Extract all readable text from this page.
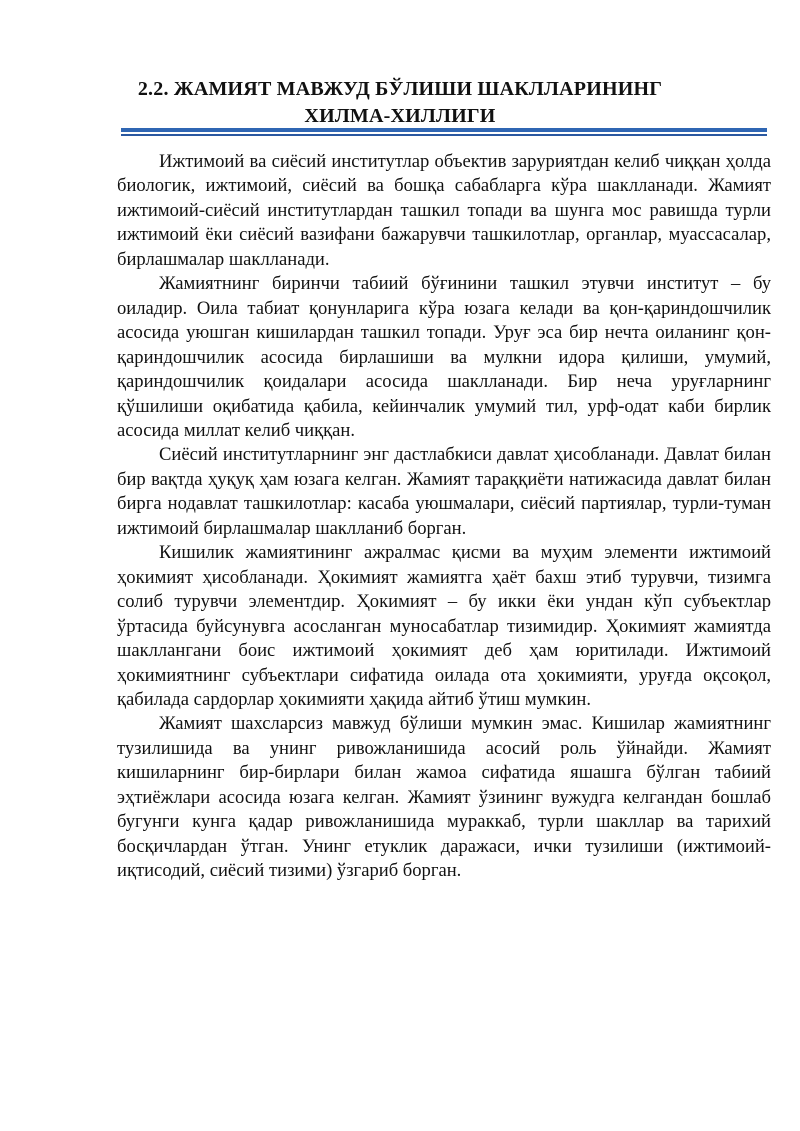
2.2. ЖАМИЯТ МАВЖУД БЎЛИШИ ШАКЛЛАРИНИНГ
ХИЛМА-ХИЛЛИГИ

Ижтимоий ва сиёсий институтлар объектив заруриятдан келиб чиққан ҳолда биологик, ижтимоий, сиёсий ва бошқа сабабларга кўра шаклланади. Жамият ижтимоий-сиёсий институтлардан ташкил топади ва шунга мос равишда турли ижтимоий ёки сиёсий вазифани бажарувчи ташкилотлар, органлар, муассасалар, бирлашмалар шаклланади.

Жамиятнинг биринчи табиий бўғинини ташкил этувчи институт – бу оиладир. Оила табиат қонунларига кўра юзага келади ва қон-қариндошчилик асосида уюшган кишилардан ташкил топади. Уруғ эса бир нечта оиланинг қон-қариндошчилик асосида бирлашиши ва мулкни идора қилиши, умумий, қариндошчилик қоидалари асосида шаклланади. Бир неча уруғларнинг қўшилиши оқибатида қабила, кейинчалик умумий тил, урф-одат каби бирлик асосида миллат келиб чиққан.

Сиёсий институтларнинг энг дастлабкиси давлат ҳисобланади. Давлат билан бир вақтда ҳуқуқ ҳам юзага келган. Жамият тараққиёти натижасида давлат билан бирга нодавлат ташкилотлар: касаба уюшмалари, сиёсий партиялар, турли-туман ижтимоий бирлашмалар шаклланиб борган.

Кишилик жамиятининг ажралмас қисми ва муҳим элементи ижтимоий ҳокимият ҳисобланади. Ҳокимият жамиятга ҳаёт бахш этиб турувчи, тизимга солиб турувчи элементдир. Ҳокимият – бу икки ёки ундан кўп субъектлар ўртасида буйсунувга асосланган муносабатлар тизимидир. Ҳокимият жамиятда шакллангани боис ижтимоий ҳокимият деб ҳам юритилади. Ижтимоий ҳокимиятнинг субъектлари сифатида оилада ота ҳокимияти, уруғда оқсоқол, қабилада сардорлар ҳокимияти ҳақида айтиб ўтиш мумкин.

Жамият шахсларсиз мавжуд бўлиши мумкин эмас. Кишилар жамиятнинг тузилишида ва унинг ривожланишида асосий роль ўйнайди. Жамият кишиларнинг бир-бирлари билан жамоа сифатида яшашга бўлган табиий эҳтиёжлари асосида юзага келган. Жамият ўзининг вужудга келгандан бошлаб бугунги кунга қадар ривожланишида мураккаб, турли шакллар ва тарихий босқичлардан ўтган. Унинг етуклик даражаси, ички тузилиши (ижтимоий-иқтисодий, сиёсий тизими) ўзгариб борган.
